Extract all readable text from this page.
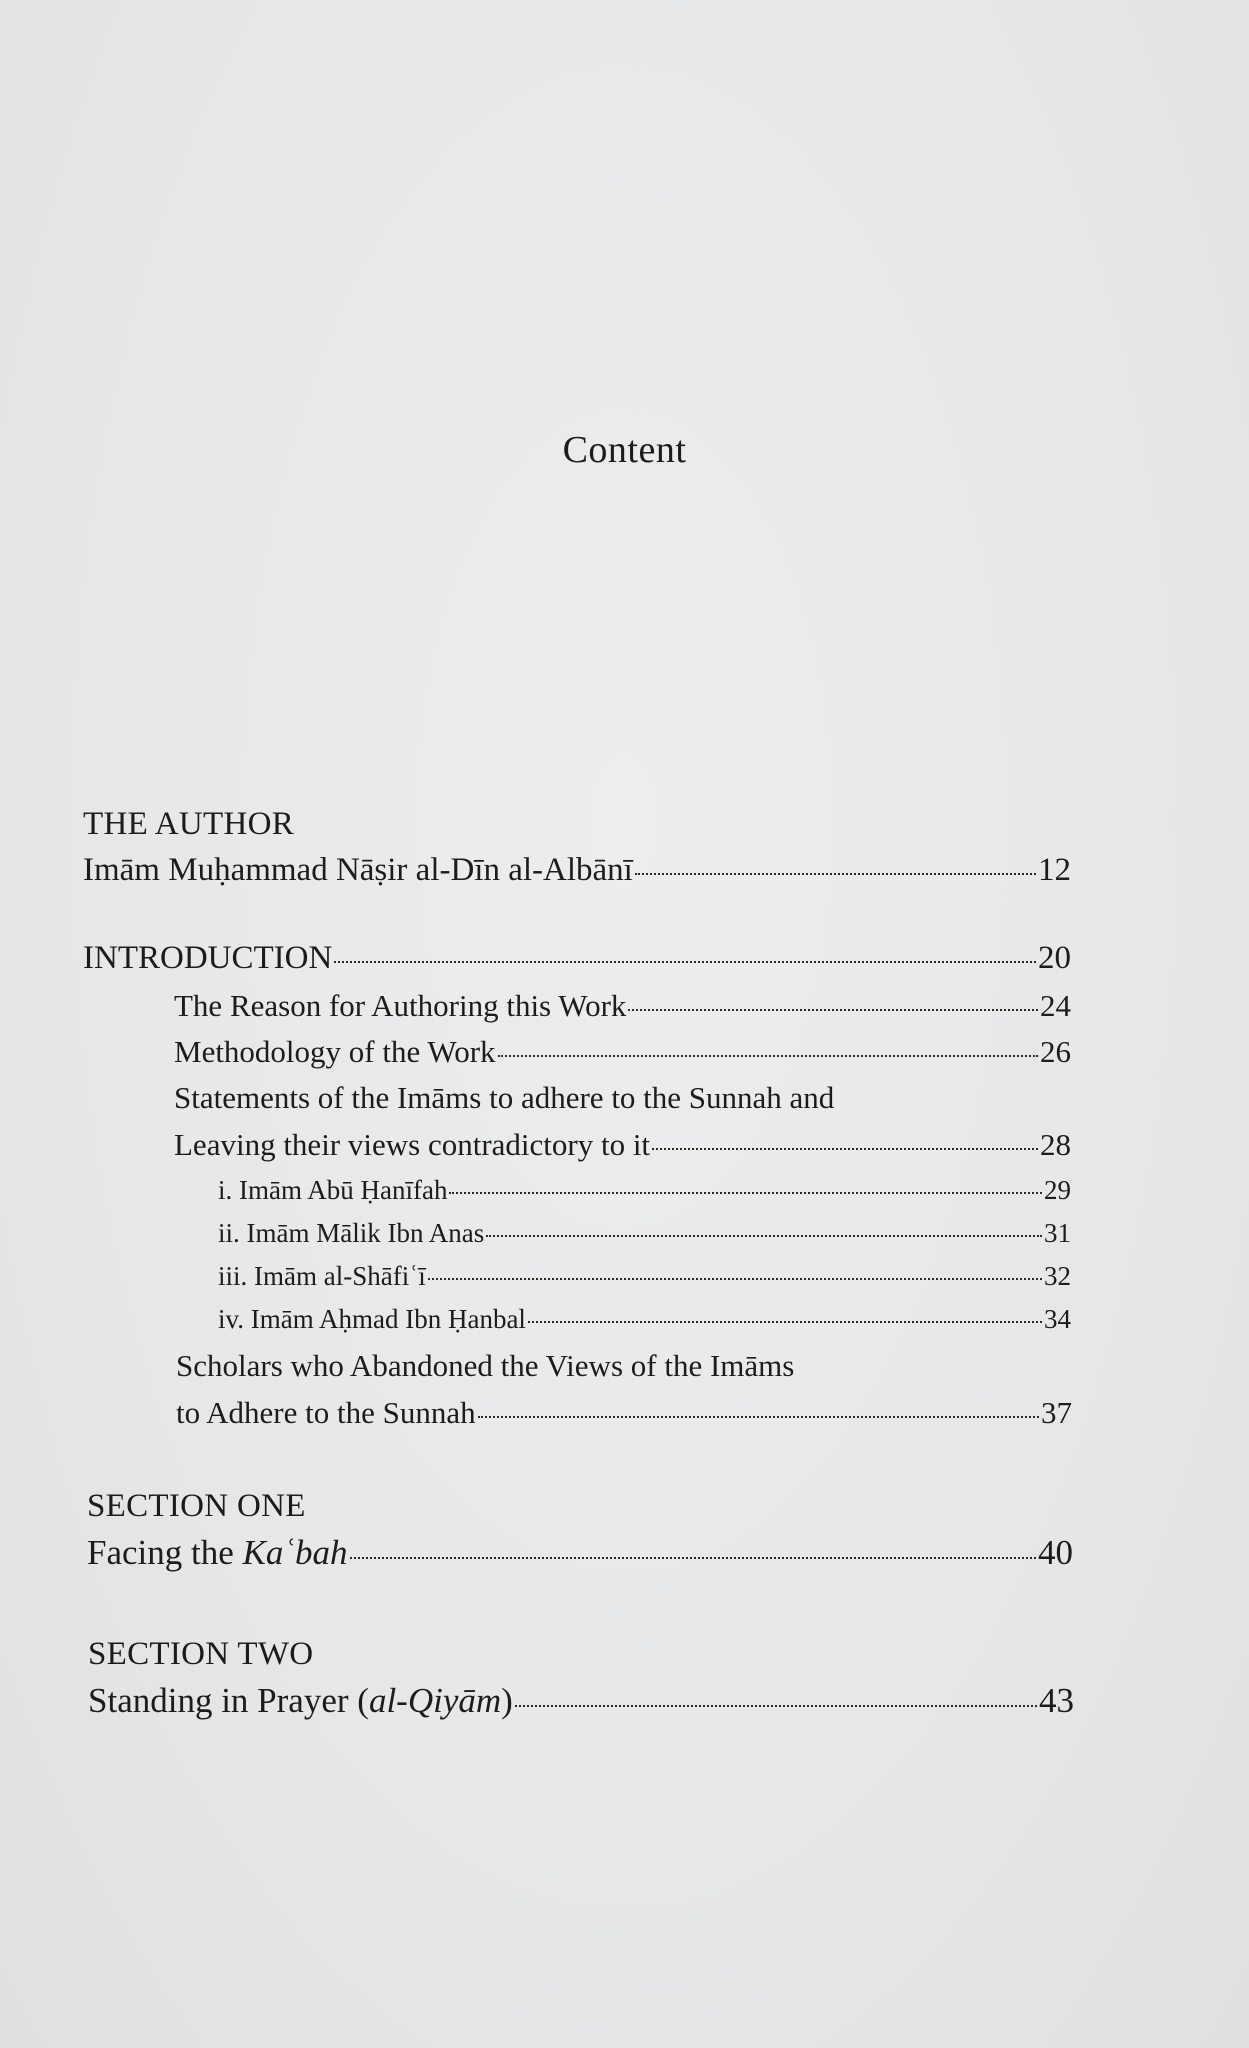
Content
THE AUTHOR
Imām Muḥammad Nāṣir al-Dīn al-Albānī	12
INTRODUCTION	20
The Reason for Authoring this Work	24
Methodology of the Work	26
Statements of the Imāms to adhere to the Sunnah and
Leaving their views contradictory to it	28
i. Imām Abū Ḥanīfah	29
ii. Imām Mālik Ibn Anas	31
iii. Imām al-Shāfiʿī	32
iv. Imām Aḥmad Ibn Ḥanbal	34
Scholars who Abandoned the Views of the Imāms
to Adhere to the Sunnah	37
SECTION ONE
Facing the Kaʿbah	40
SECTION TWO
Standing in Prayer (al-Qiyām)	43
